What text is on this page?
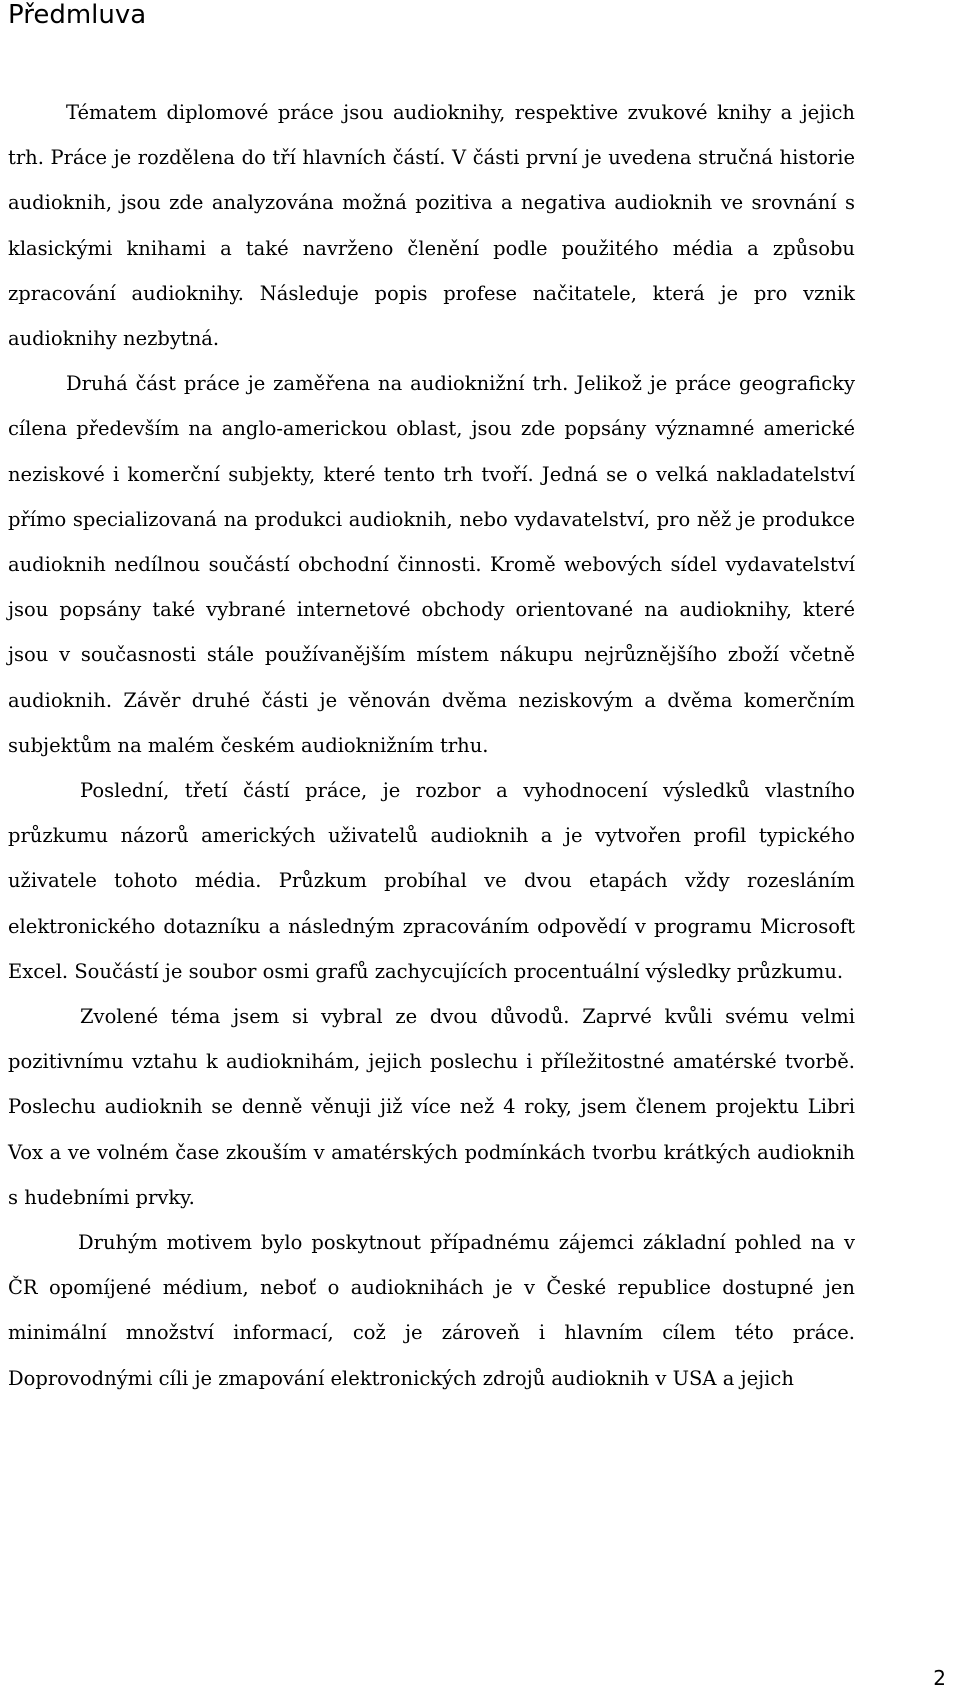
Předmluva

Tématem diplomové práce jsou audioknihy, respektive zvukové knihy a jejich trh. Práce je rozdělena do tří hlavních částí. V části první je uvedena stručná historie audioknih, jsou zde analyzována možná pozitiva a negativa audioknih ve srovnání s klasickými knihami a také navrženo členění podle použitého média a způsobu zpracování audioknihy. Následuje popis profese načitatele, která je pro vznik audioknihy nezbytná.

Druhá část práce je zaměřena na audioknižní trh. Jelikož je práce geograficky cílena především na anglo-americkou oblast, jsou zde popsány významné americké neziskové i komerční subjekty, které tento trh tvoří. Jedná se o velká nakladatelství přímo specializovaná na produkci audioknih, nebo vydavatelství, pro něž je produkce audioknih nedílnou součástí obchodní činnosti. Kromě webových sídel vydavatelství jsou popsány také vybrané internetové obchody orientované na audioknihy, které jsou v současnosti stále používanějším místem nákupu nejrůznějšího zboží včetně audioknih. Závěr druhé části je věnován dvěma neziskovým a dvěma komerčním subjektům na malém českém audioknižním trhu.

Poslední, třetí částí práce, je rozbor a vyhodnocení výsledků vlastního průzkumu názorů amerických uživatelů audioknih a je vytvořen profil typického uživatele tohoto média. Průzkum probíhal ve dvou etapách vždy rozesláním elektronického dotazníku a následným zpracováním odpovědí v programu Microsoft Excel. Součástí je soubor osmi grafů zachycujících procentuální výsledky průzkumu.

Zvolené téma jsem si vybral ze dvou důvodů. Zaprvé kvůli svému velmi pozitivnímu vztahu k audioknihám, jejich poslechu i příležitostné amatérské tvorbě. Poslechu audioknih se denně věnuji již více než 4 roky, jsem členem projektu Libri Vox a ve volném čase zkouším v amatérských podmínkách tvorbu krátkých audioknih s hudebními prvky.

Druhým motivem bylo poskytnout případnému zájemci základní pohled na v ČR opomíjené médium, neboť o audioknihách je v České republice dostupné jen minimální množství informací, což je zároveň i hlavním cílem této práce. Doprovodnými cíli je zmapování elektronických zdrojů audioknih v USA a jejich

2
